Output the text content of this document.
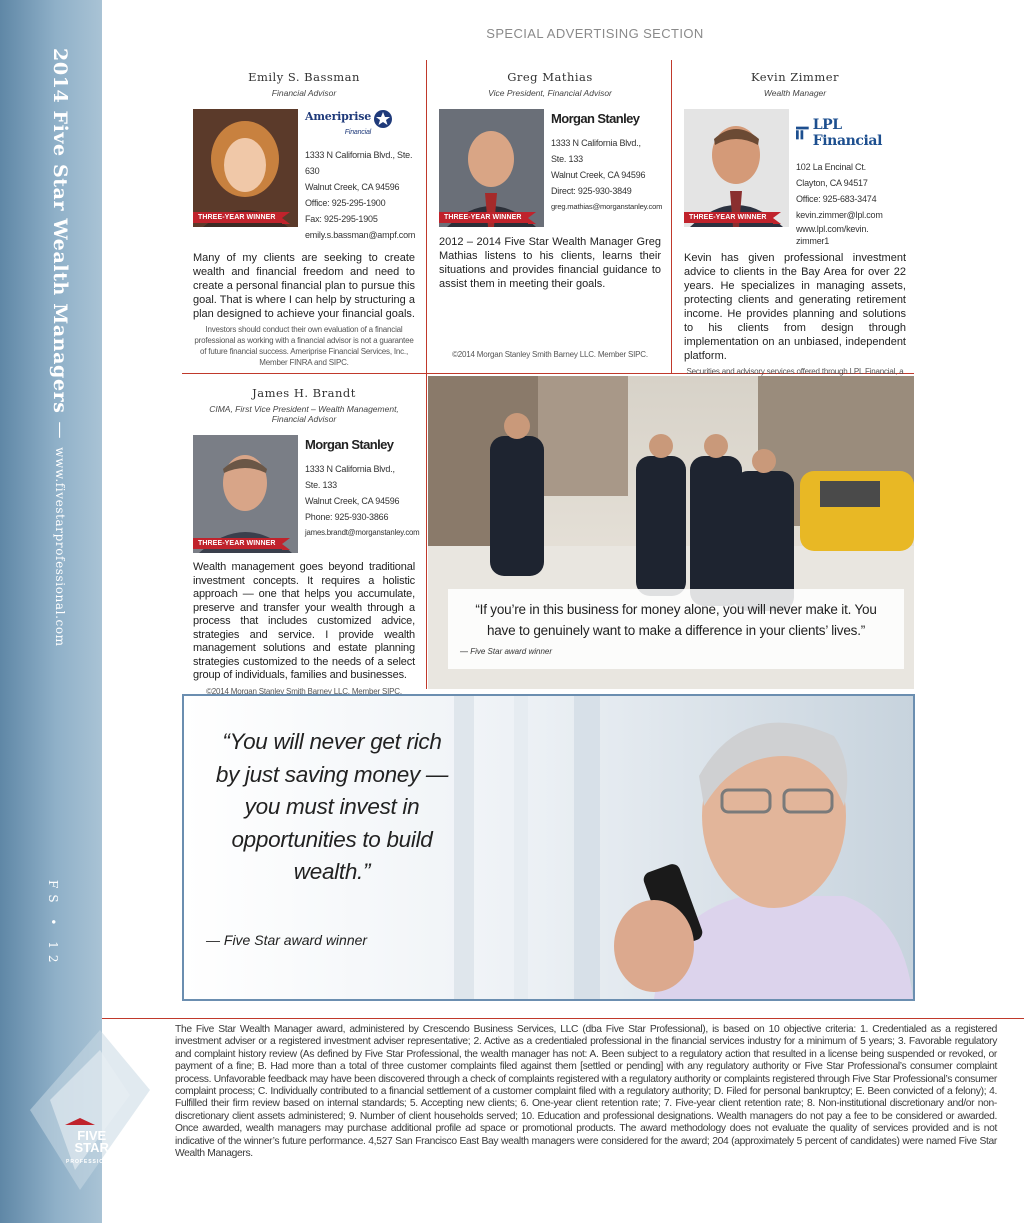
2014 Five Star Wealth Managers
—
www.fivestarprofessional.com
FS • 12
FIVE STAR
PROFESSIONAL
SPECIAL ADVERTISING SECTION
Emily S. Bassman
Financial Advisor
THREE-YEAR WINNER
Ameriprise
Financial
1333 N California Blvd., Ste. 630
Walnut Creek, CA 94596
Office: 925-295-1900
Fax: 925-295-1905
emily.s.bassman@ampf.com
Many of my clients are seeking to create wealth and financial freedom and need to create a personal financial plan to pursue this goal. That is where I can help by structuring a plan designed to achieve your financial goals.
Investors should conduct their own evaluation of a financial professional as working with a financial advisor is not a guarantee of future financial success. Ameriprise Financial Services, Inc., Member FINRA and SIPC.
Greg Mathias
Vice President, Financial Advisor
THREE-YEAR WINNER
Morgan Stanley
1333 N California Blvd.,
Ste. 133
Walnut Creek, CA 94596
Direct: 925-930-3849
greg.mathias@morganstanley.com
2012 – 2014 Five Star Wealth Manager Greg Mathias listens to his clients, learns their situations and provides financial guidance to assist them in meeting their goals.
©2014 Morgan Stanley Smith Barney LLC. Member SIPC.
Kevin Zimmer
Wealth Manager
THREE-YEAR WINNER
LPL Financial
102 La Encinal Ct.
Clayton, CA 94517
Office: 925-683-3474
kevin.zimmer@lpl.com
www.lpl.com/kevin.
zimmer1
Kevin has given professional investment advice to clients in the Bay Area for over 22 years. He specializes in managing assets, protecting clients and generating retirement income. He provides planning and solutions to his clients from design through implementation on an unbiased, independent platform.
Securities and advisory services offered through LPL Financial, a
James H. Brandt
CIMA, First Vice President – Wealth Management, Financial Advisor
THREE-YEAR WINNER
Morgan Stanley
1333 N California Blvd.,
Ste. 133
Walnut Creek, CA 94596
Phone: 925-930-3866
james.brandt@morganstanley.com
Wealth management goes beyond traditional investment concepts. It requires a holistic approach — one that helps you accumulate, preserve and transfer your wealth through a process that includes customized advice, strategies and service. I provide wealth management solutions and estate planning strategies customized to the needs of a select group of individuals, families and businesses.
©2014 Morgan Stanley Smith Barney LLC. Member SIPC.
“If you’re in this business for money alone, you will never make it. You have to genuinely want to make a difference in your clients’ lives.”
— Five Star award winner
“You will never get rich by just saving money — you must invest in opportunities to build wealth.”
— Five Star award winner
The Five Star Wealth Manager award, administered by Crescendo Business Services, LLC (dba Five Star Professional), is based on 10 objective criteria: 1. Credentialed as a registered investment adviser or a registered investment adviser representative; 2. Active as a credentialed professional in the financial services industry for a minimum of 5 years; 3. Favorable regulatory and complaint history review (As defined by Five Star Professional, the wealth manager has not: A. Been subject to a regulatory action that resulted in a license being suspended or revoked, or payment of a fine; B. Had more than a total of three customer complaints filed against them [settled or pending] with any regulatory authority or Five Star Professional’s consumer complaint process. Unfavorable feedback may have been discovered through a check of complaints registered with a regulatory authority or complaints registered through Five Star Professional’s consumer complaint process; C. Individually contributed to a financial settlement of a customer complaint filed with a regulatory authority; D. Filed for personal bankruptcy; E. Been convicted of a felony); 4. Fulfilled their firm review based on internal standards; 5. Accepting new clients; 6. One-year client retention rate; 7. Five-year client retention rate; 8. Non-institutional discretionary and/or non-discretionary client assets administered; 9. Number of client households served; 10. Education and professional designations. Wealth managers do not pay a fee to be considered or awarded. Once awarded, wealth managers may purchase additional profile ad space or promotional products. The award methodology does not evaluate the quality of services provided and is not indicative of the winner’s future performance. 4,527 San Francisco East Bay wealth managers were considered for the award; 204 (approximately 5 percent of candidates) were named Five Star Wealth Managers.
